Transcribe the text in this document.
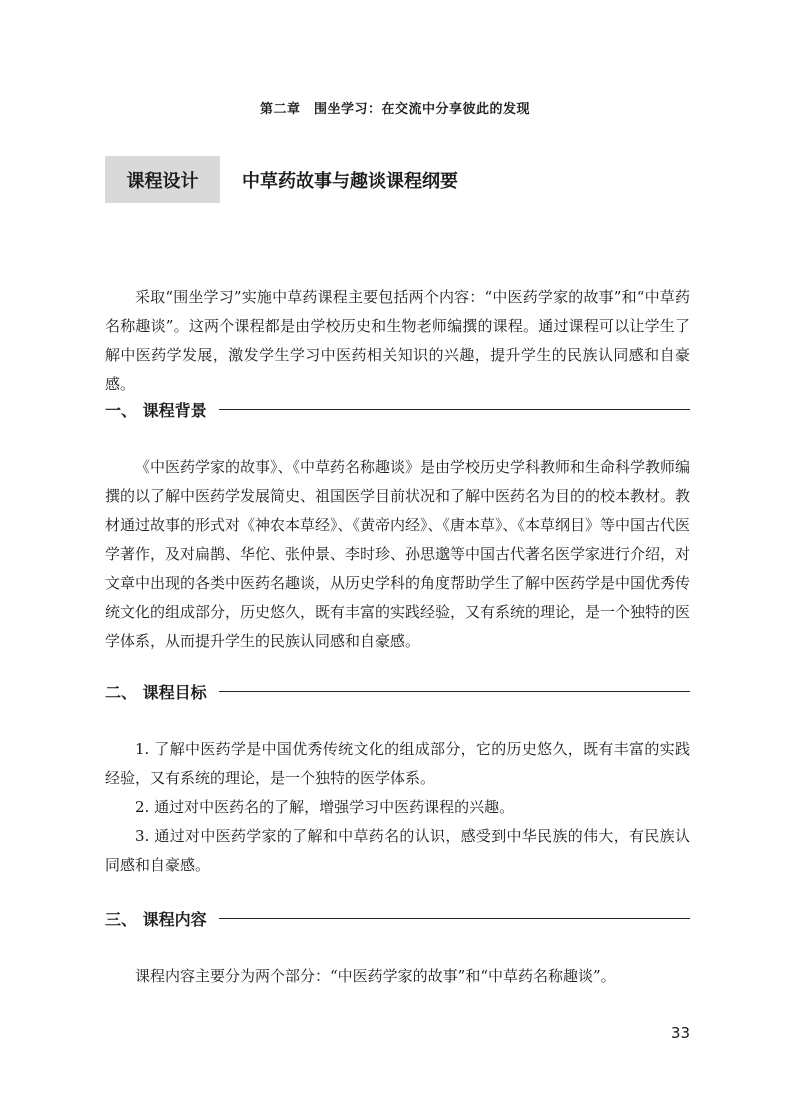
第二章　围坐学习：在交流中分享彼此的发现
课程设计	中草药故事与趣谈课程纲要

采取“围坐学习”实施中草药课程主要包括两个内容：“中医药学家的故事”和“中草药名称趣谈”。这两个课程都是由学校历史和生物老师编撰的课程。通过课程可以让学生了解中医药学发展，激发学生学习中医药相关知识的兴趣，提升学生的民族认同感和自豪感。

一、 课程背景

《中医药学家的故事》、《中草药名称趣谈》是由学校历史学科教师和生命科学教师编撰的以了解中医药学发展简史、祖国医学目前状况和了解中医药名为目的的校本教材。教材通过故事的形式对《神农本草经》、《黄帝内经》、《唐本草》、《本草纲目》等中国古代医学著作，及对扁鹊、华佗、张仲景、李时珍、孙思邈等中国古代著名医学家进行介绍，对文章中出现的各类中医药名趣谈，从历史学科的角度帮助学生了解中医药学是中国优秀传统文化的组成部分，历史悠久，既有丰富的实践经验，又有系统的理论，是一个独特的医学体系，从而提升学生的民族认同感和自豪感。

二、 课程目标

1. 了解中医药学是中国优秀传统文化的组成部分，它的历史悠久，既有丰富的实践经验，又有系统的理论，是一个独特的医学体系。

2. 通过对中医药名的了解，增强学习中医药课程的兴趣。

3. 通过对中医药学家的了解和中草药名的认识，感受到中华民族的伟大，有民族认同感和自豪感。

三、 课程内容

课程内容主要分为两个部分：“中医药学家的故事”和“中草药名称趣谈”。

33
